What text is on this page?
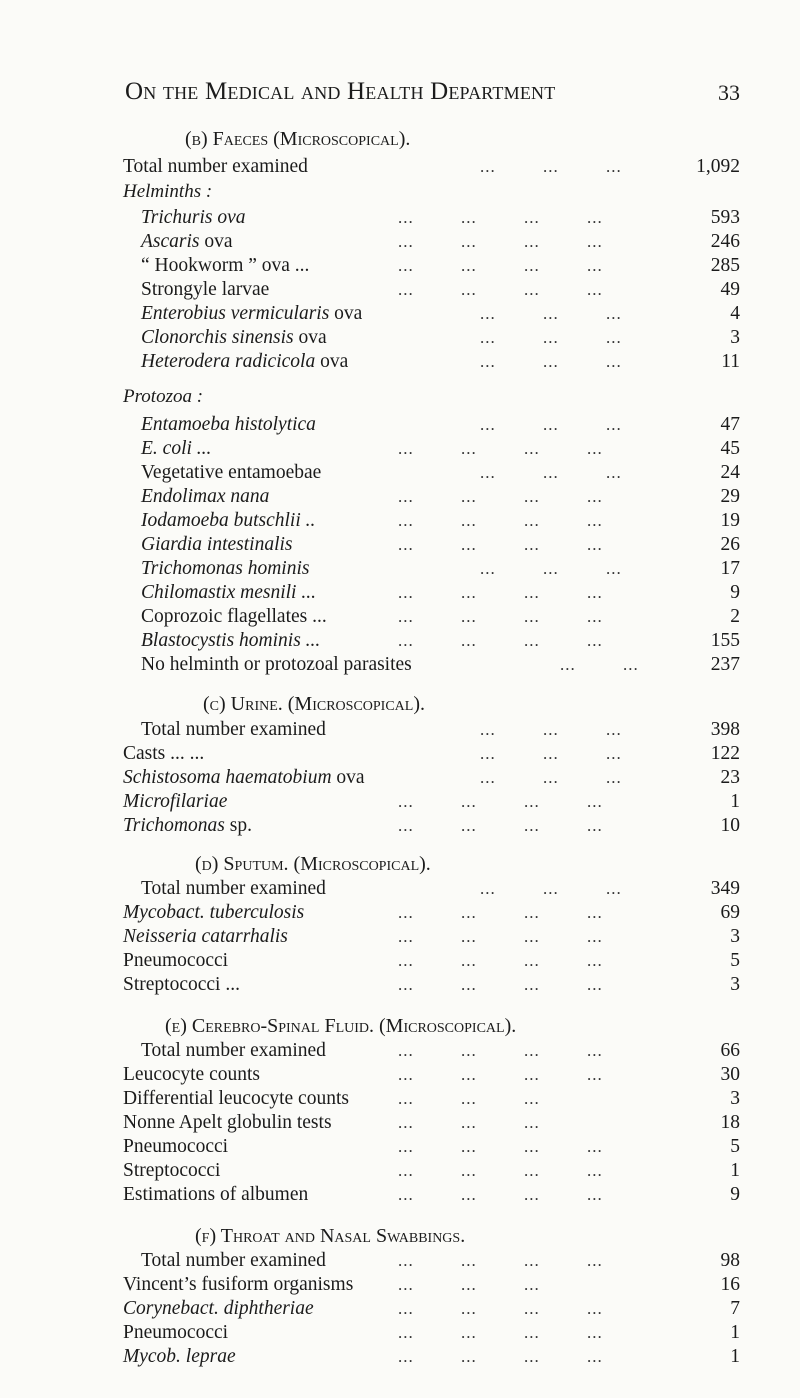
On the Medical and Health Department	33
(b) Faeces (Microscopical).
Total number examined	...         ...         ...	1,092
Helminths :
Trichuris ova	...         ...         ...         ...	593
Ascaris ova	...         ...         ...         ...	246
“ Hookworm ” ova ...	...         ...         ...         ...	285
Strongyle larvae	...         ...         ...         ...	49
Enterobius vermicularis ova	...         ...         ...	4
Clonorchis sinensis ova	...         ...         ...	3
Heterodera radicicola ova	...         ...         ...	11
Protozoa :
Entamoeba histolytica	...         ...         ...	47
E. coli ...	...         ...         ...         ...	45
Vegetative entamoebae	...         ...         ...	24
Endolimax nana	...         ...         ...         ...	29
Iodamoeba butschlii ..	...         ...         ...         ...	19
Giardia intestinalis	...         ...         ...         ...	26
Trichomonas hominis	...         ...         ...	17
Chilomastix mesnili ...	...         ...         ...         ...	9
Coprozoic flagellates ...	...         ...         ...         ...	2
Blastocystis hominis ...	...         ...         ...         ...	155
No helminth or protozoal parasites	...         ...	237
(c) Urine. (Microscopical).
Total number examined	...         ...         ...	398
Casts ... ...	...         ...         ...	122
Schistosoma haematobium ova	...         ...         ...	23
Microfilariae	...         ...         ...         ...	1
Trichomonas sp.	...         ...         ...         ...	10
(d) Sputum. (Microscopical).
Total number examined	...         ...         ...	349
Mycobact. tuberculosis	...         ...         ...         ...	69
Neisseria catarrhalis	...         ...         ...         ...	3
Pneumococci	...         ...         ...         ...	5
Streptococci ...	...         ...         ...         ...	3
(e) Cerebro-Spinal Fluid. (Microscopical).
Total number examined	...         ...         ...         ...	66
Leucocyte counts	...         ...         ...         ...	30
Differential leucocyte counts	...         ...         ...	3
Nonne Apelt globulin tests	...         ...         ...	18
Pneumococci	...         ...         ...         ...	5
Streptococci	...         ...         ...         ...	1
Estimations of albumen	...         ...         ...         ...	9
(f) Throat and Nasal Swabbings.
Total number examined	...         ...         ...         ...	98
Vincent’s fusiform organisms	...         ...         ...	16
Corynebact. diphtheriae	...         ...         ...         ...	7
Pneumococci	...         ...         ...         ...	1
Mycob. leprae	...         ...         ...         ...	1
